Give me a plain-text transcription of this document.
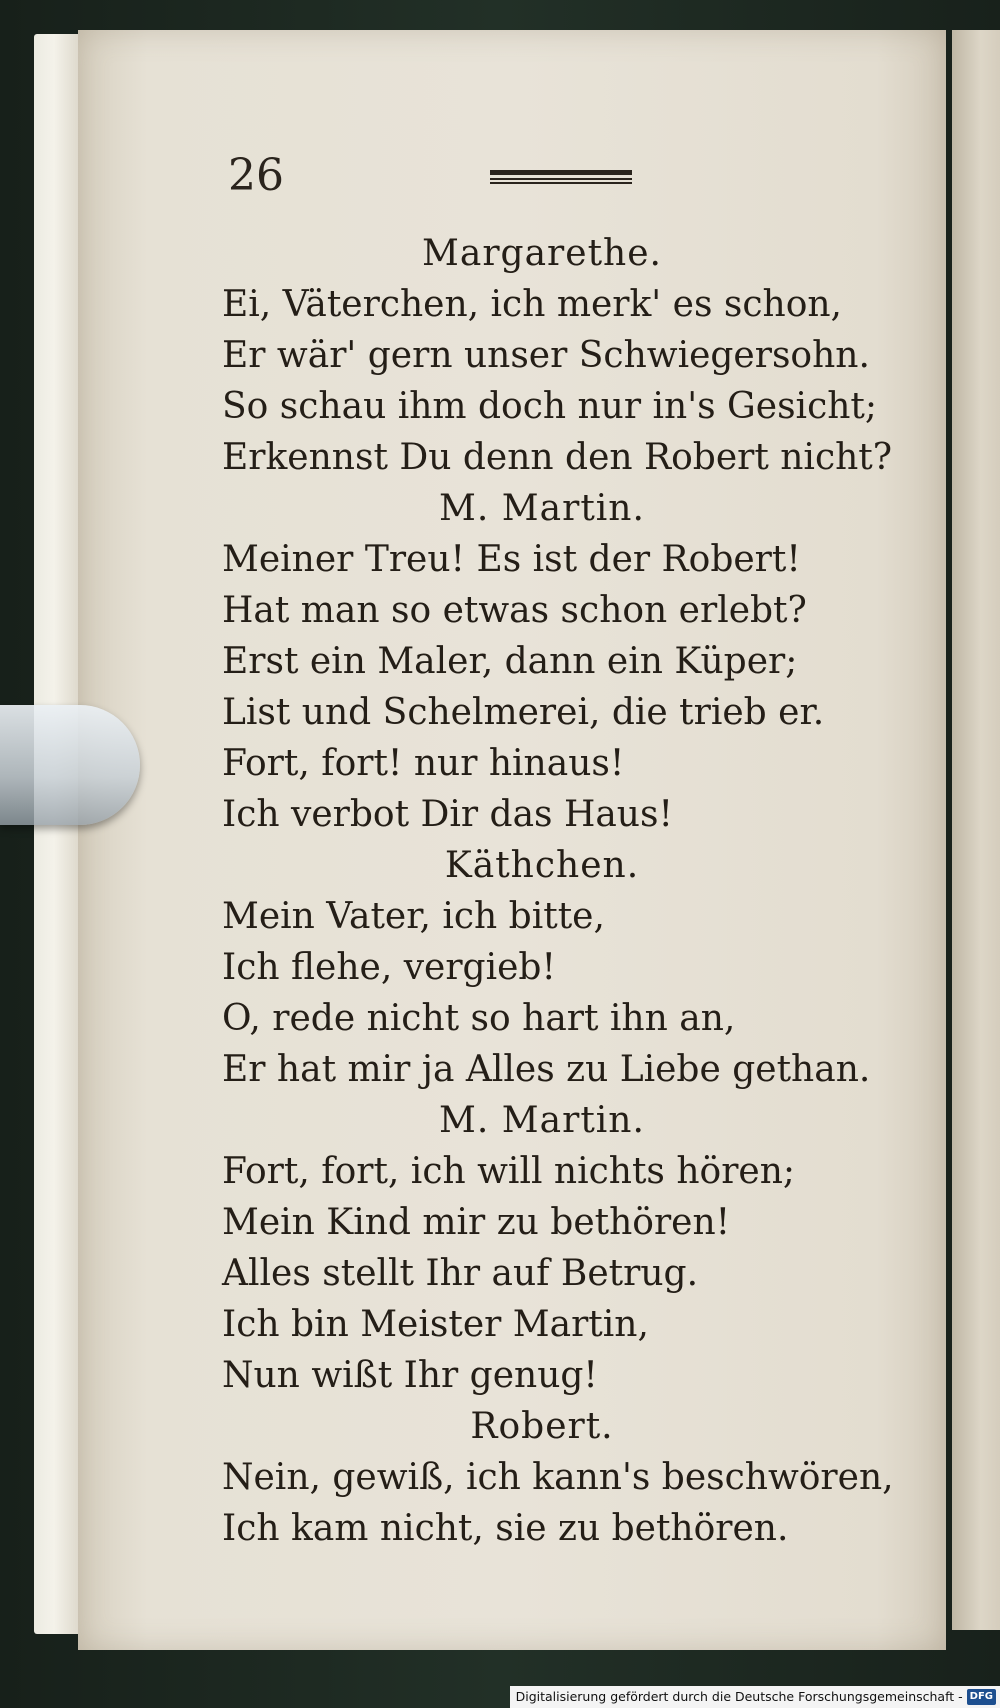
26
Margarethe.
Ei, Väterchen, ich merk' es schon,
Er wär' gern unser Schwiegersohn.
So schau ihm doch nur in's Gesicht;
Erkennst Du denn den Robert nicht?
M. Martin.
Meiner Treu! Es ist der Robert!
Hat man so etwas schon erlebt?
Erst ein Maler, dann ein Küper;
List und Schelmerei, die trieb er.
Fort, fort! nur hinaus!
Ich verbot Dir das Haus!
Käthchen.
Mein Vater, ich bitte,
Ich flehe, vergieb!
O, rede nicht so hart ihn an,
Er hat mir ja Alles zu Liebe gethan.
M. Martin.
Fort, fort, ich will nichts hören;
Mein Kind mir zu bethören!
Alles stellt Ihr auf Betrug.
Ich bin Meister Martin,
Nun wißt Ihr genug!
Robert.
Nein, gewiß, ich kann's beschwören,
Ich kam nicht, sie zu bethören.
Digitalisierung gefördert durch die Deutsche Forschungsgemeinschaft - DFG
